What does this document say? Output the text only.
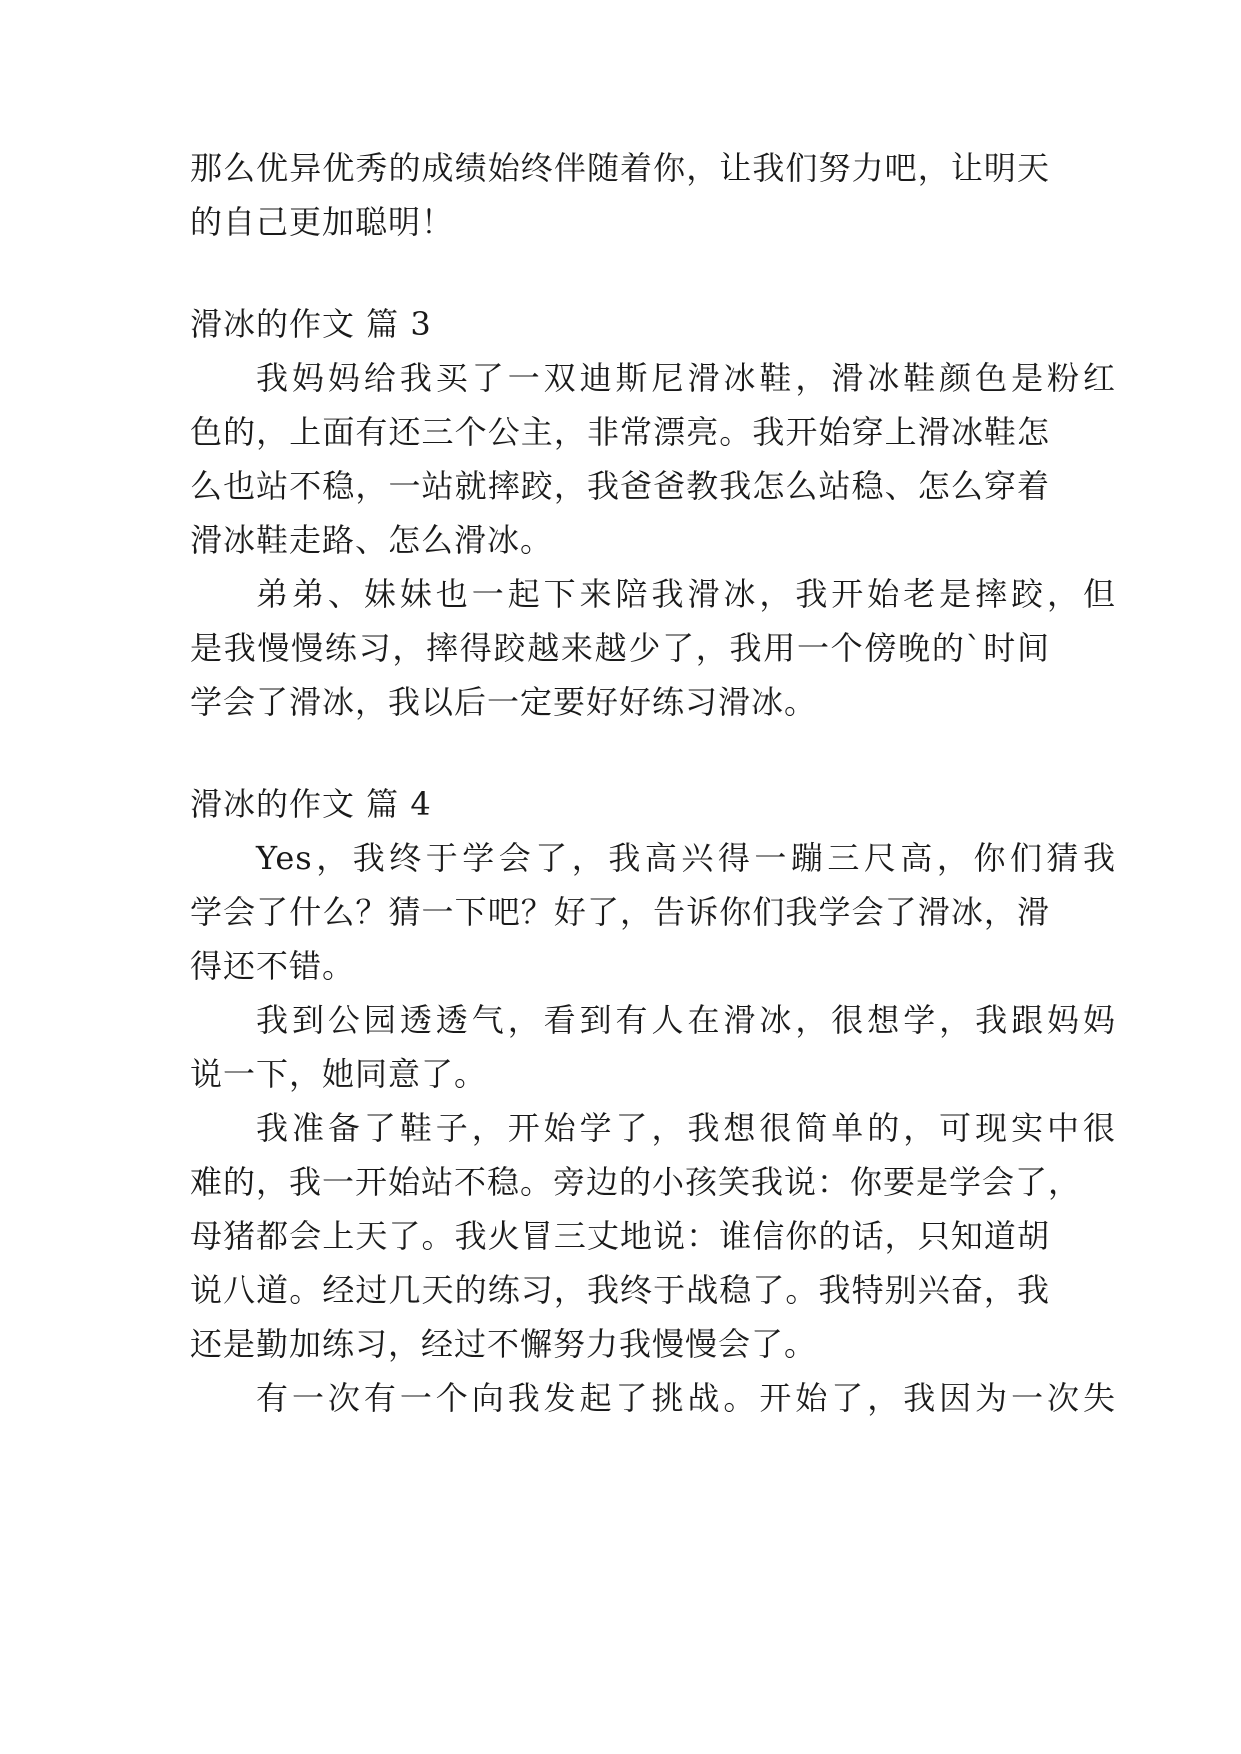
那么优异优秀的成绩始终伴随着你，让我们努力吧，让明天
的自己更加聪明！
滑冰的作文 篇 3
我妈妈给我买了一双迪斯尼滑冰鞋，滑冰鞋颜色是粉红
色的，上面有还三个公主，非常漂亮。我开始穿上滑冰鞋怎
么也站不稳，一站就摔跤，我爸爸教我怎么站稳、怎么穿着
滑冰鞋走路、怎么滑冰。
弟弟、妹妹也一起下来陪我滑冰，我开始老是摔跤，但
是我慢慢练习，摔得跤越来越少了，我用一个傍晚的`时间
学会了滑冰，我以后一定要好好练习滑冰。
滑冰的作文 篇 4
Yes，我终于学会了，我高兴得一蹦三尺高，你们猜我
学会了什么？猜一下吧？好了，告诉你们我学会了滑冰，滑
得还不错。
我到公园透透气，看到有人在滑冰，很想学，我跟妈妈
说一下，她同意了。
我准备了鞋子，开始学了，我想很简单的，可现实中很
难的，我一开始站不稳。旁边的小孩笑我说：你要是学会了，
母猪都会上天了。我火冒三丈地说：谁信你的话，只知道胡
说八道。经过几天的练习，我终于战稳了。我特别兴奋，我
还是勤加练习，经过不懈努力我慢慢会了。
有一次有一个向我发起了挑战。开始了，我因为一次失
